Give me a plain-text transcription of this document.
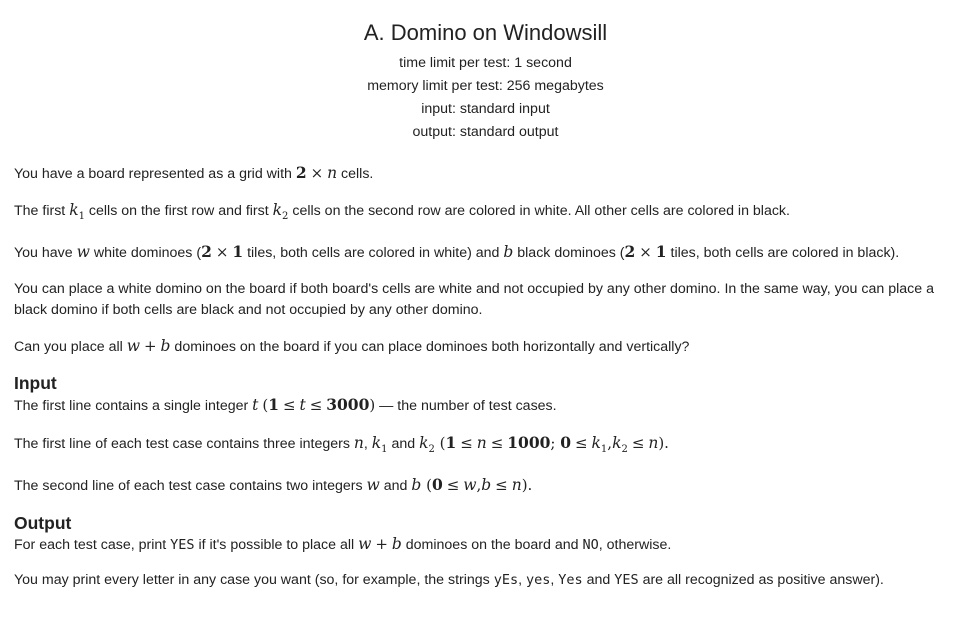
A. Domino on Windowsill
time limit per test: 1 second
memory limit per test: 256 megabytes
input: standard input
output: standard output

You have a board represented as a grid with 2 × n cells.

The first $k_1$ cells on the first row and first $k_2$ cells on the second row are colored in white. All other cells are colored in black.

You have w white dominoes (2 × 1 tiles, both cells are colored in white) and b black dominoes (2 × 1 tiles, both cells are colored in black).

You can place a white domino on the board if both board's cells are white and not occupied by any other domino. In the same way, you can place a black domino if both cells are black and not occupied by any other domino.

Can you place all w + b dominoes on the board if you can place dominoes both horizontally and vertically?

Input

The first line contains a single integer t (1 ≤ t ≤ 3000) — the number of test cases.

The first line of each test case contains three integers n, $k_1$ and $k_2$ (1 ≤ n ≤ 1000; $0 \le k_1,k_2 \le n$).

The second line of each test case contains two integers w and b (0 ≤ w,b ≤ n).

Output

For each test case, print YES if it's possible to place all w + b dominoes on the board and NO, otherwise.

You may print every letter in any case you want (so, for example, the strings yEs, yes, Yes and YES are all recognized as positive answer).
